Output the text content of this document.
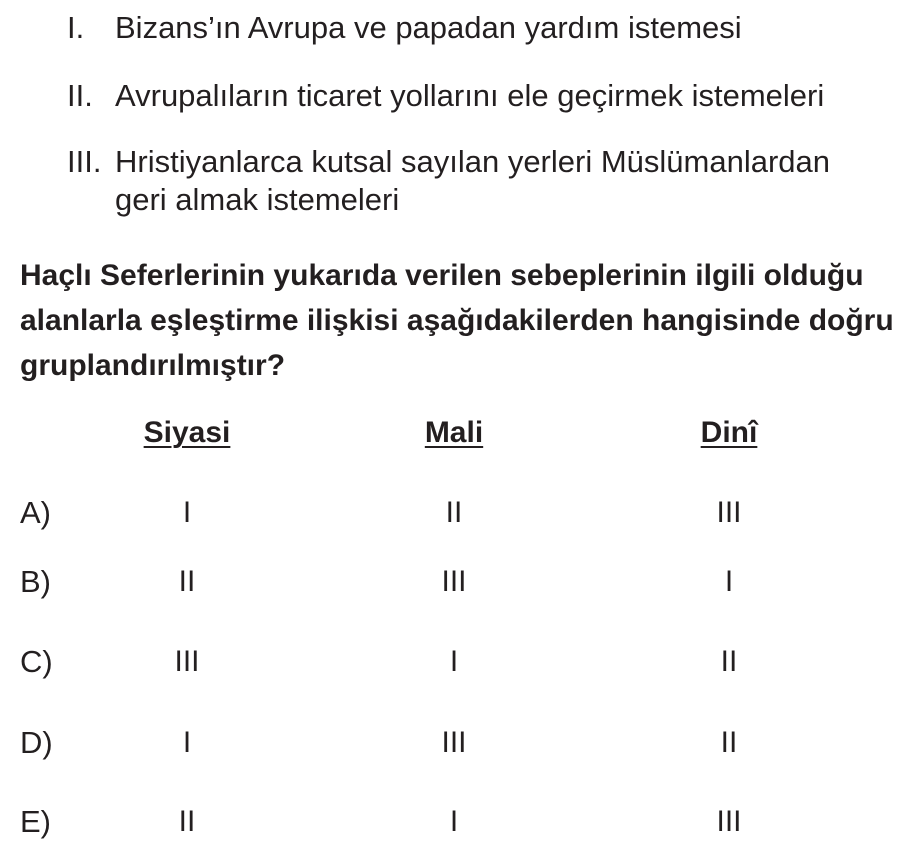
I. Bizans’ın Avrupa ve papadan yardım istemesi
II. Avrupalıların ticaret yollarını ele geçirmek istemeleri
III. Hristiyanlarca kutsal sayılan yerleri Müslümanlardan
geri almak istemeleri
Haçlı Seferlerinin yukarıda verilen sebeplerinin ilgili olduğu alanlarla eşleştirme ilişkisi aşağıdakilerden hangisinde doğru gruplandırılmıştır?
Siyasi	Mali	Dinî
A)	I	II	III
B)	II	III	I
C)	III	I	II
D)	I	III	II
E)	II	I	III
